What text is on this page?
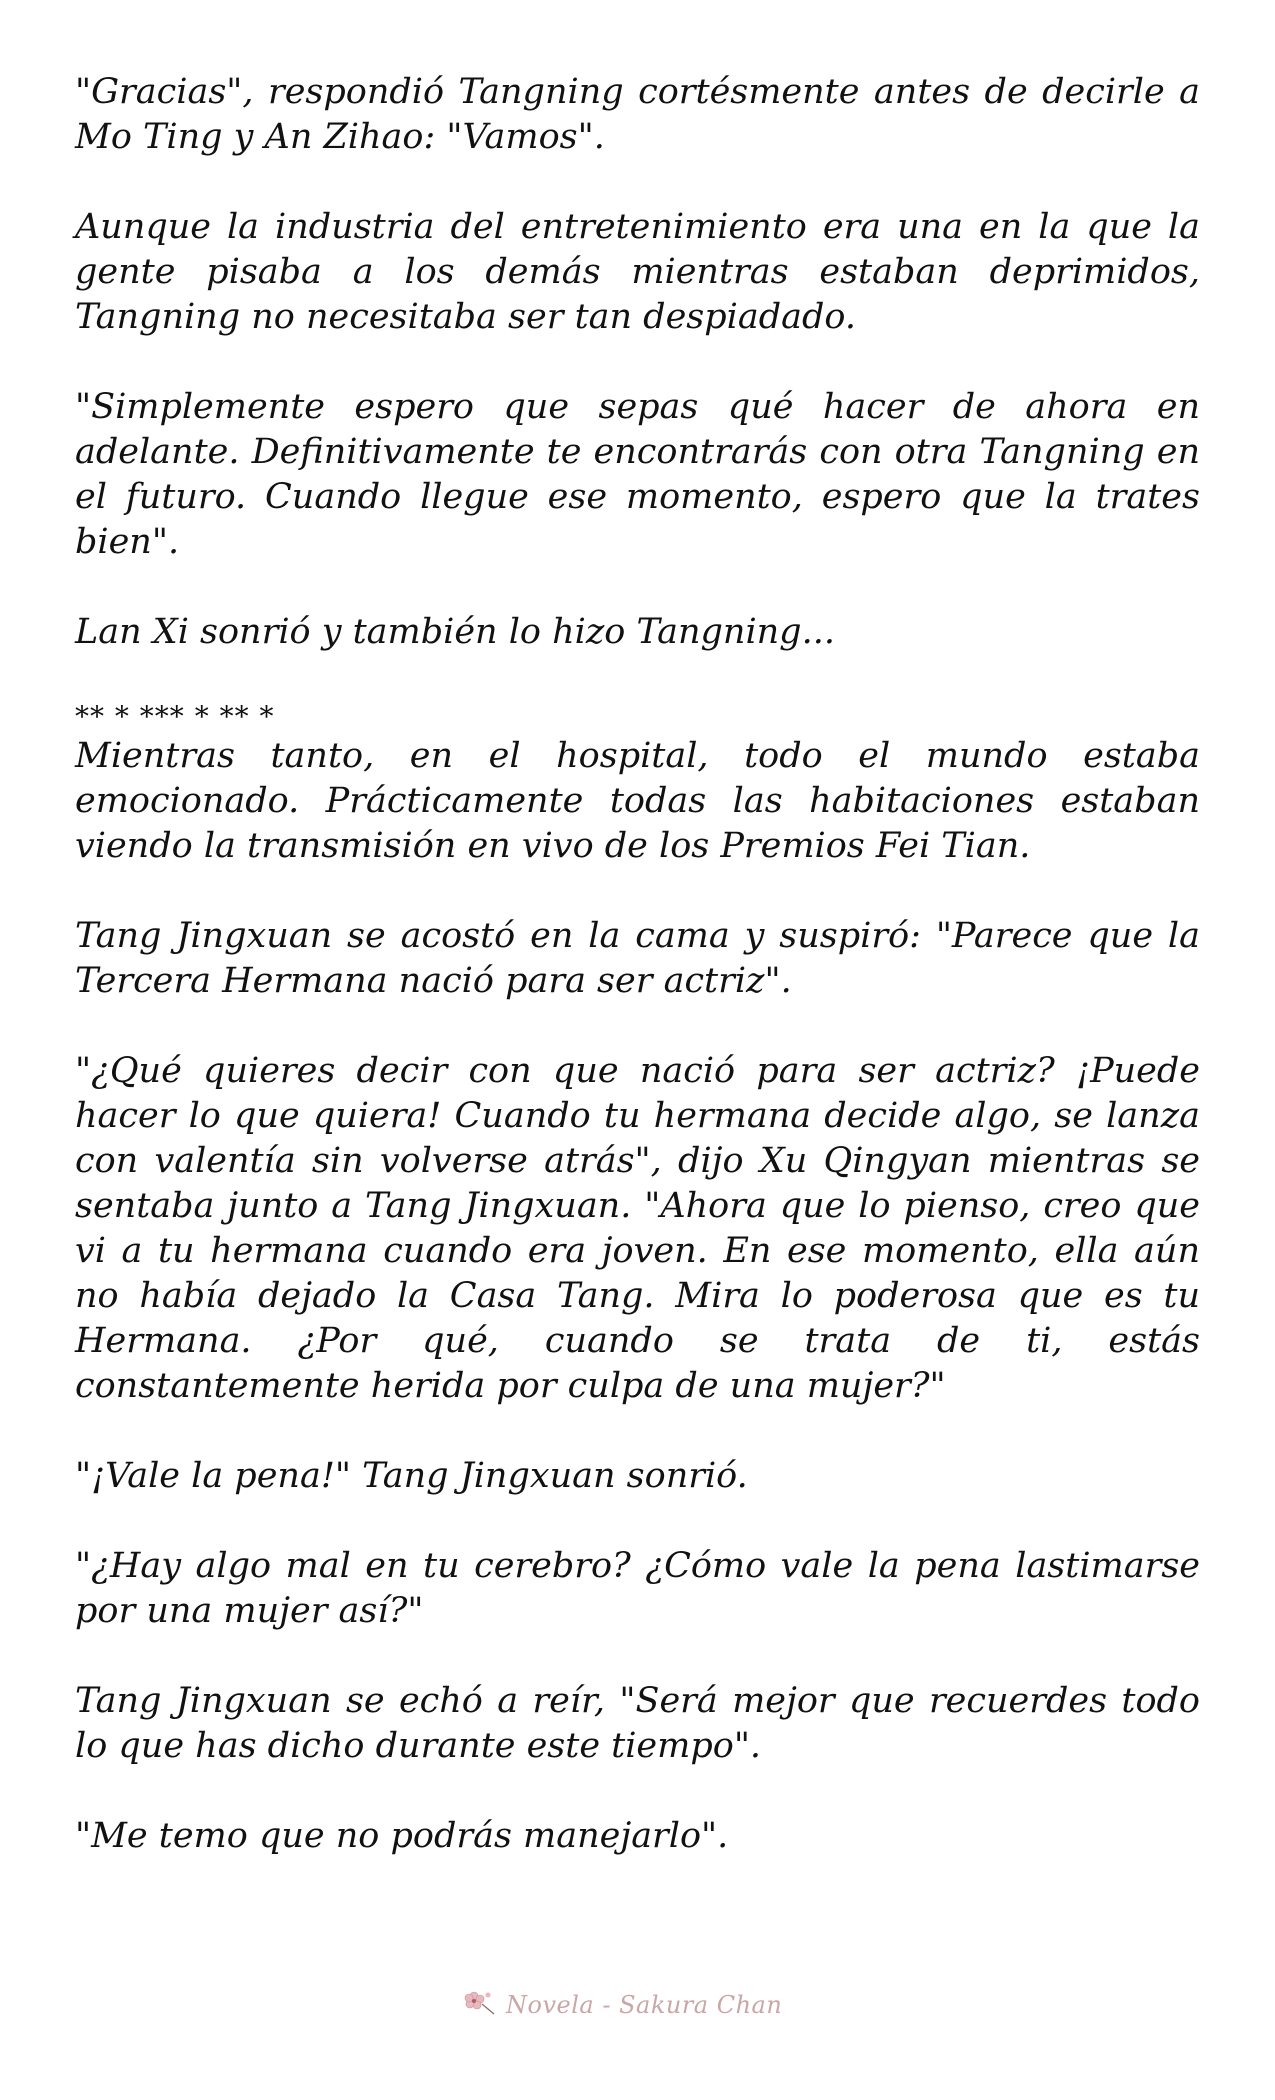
"Gracias", respondió Tangning cortésmente antes de decirle a Mo Ting y An Zihao: "Vamos".

Aunque la industria del entretenimiento era una en la que la gente pisaba a los demás mientras estaban deprimidos, Tangning no necesitaba ser tan despiadado.

"Simplemente espero que sepas qué hacer de ahora en adelante. Definitivamente te encontrarás con otra Tangning en el futuro. Cuando llegue ese momento, espero que la trates bien".

Lan Xi sonrió y también lo hizo Tangning...

** * *** * ** *

Mientras tanto, en el hospital, todo el mundo estaba emocionado. Prácticamente todas las habitaciones estaban viendo la transmisión en vivo de los Premios Fei Tian.

Tang Jingxuan se acostó en la cama y suspiró: "Parece que la Tercera Hermana nació para ser actriz".

"¿Qué quieres decir con que nació para ser actriz? ¡Puede hacer lo que quiera! Cuando tu hermana decide algo, se lanza con valentía sin volverse atrás", dijo Xu Qingyan mientras se sentaba junto a Tang Jingxuan. "Ahora que lo pienso, creo que vi a tu hermana cuando era joven. En ese momento, ella aún no había dejado la Casa Tang. Mira lo poderosa que es tu Hermana. ¿Por qué, cuando se trata de ti, estás constantemente herida por culpa de una mujer?"

"¡Vale la pena!" Tang Jingxuan sonrió.

"¿Hay algo mal en tu cerebro? ¿Cómo vale la pena lastimarse por una mujer así?"

Tang Jingxuan se echó a reír, "Será mejor que recuerdes todo lo que has dicho durante este tiempo".

"Me temo que no podrás manejarlo".

Novela - Sakura Chan
